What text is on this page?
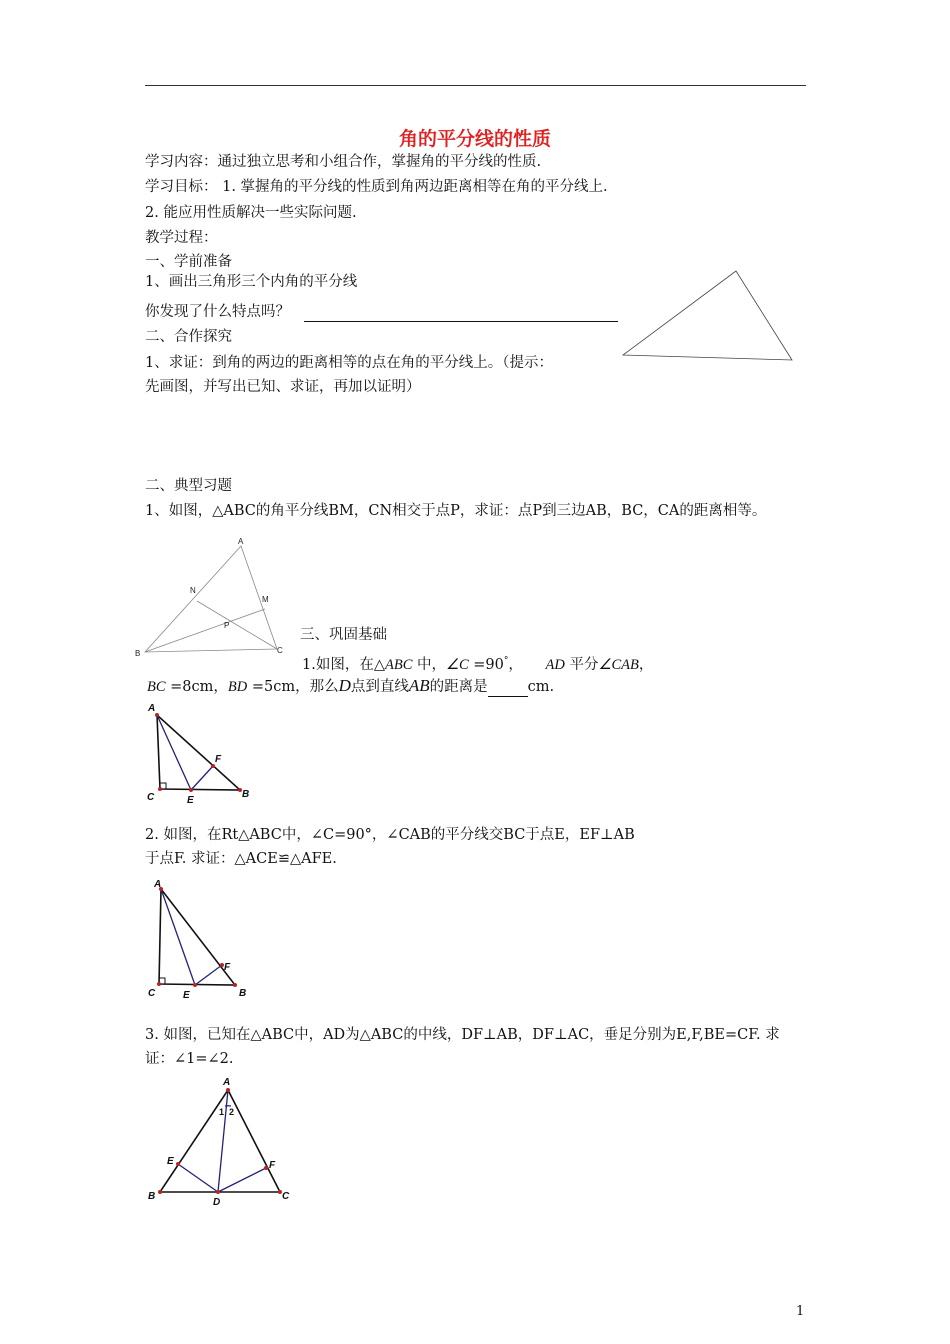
角的平分线的性质
学习内容：通过独立思考和小组合作，掌握角的平分线的性质.
学习目标： 1. 掌握角的平分线的性质到角两边距离相等在角的平分线上.
2. 能应用性质解决一些实际问题.
教学过程：
一、学前准备
1、画出三角形三个内角的平分线
你发现了什么特点吗？
二、合作探究
1、求证：到角的两边的距离相等的点在角的平分线上。（提示：
先画图，并写出已知、求证，再加以证明）
二、典型习题
1、如图，△ABC的角平分线BM，CN相交于点P，求证：点P到三边AB，BC，CA的距离相等。
A
B	C
N
M
P
三、巩固基础
1.如图，在△ABC 中，∠C =90°， AD 平分∠CAB，
BC =8cm，BD =5cm，那么D点到直线AB的距离是	cm.
A
B
C	E
F
2. 如图，在Rt△ABC中，∠C=90°，∠CAB的平分线交BC于点E，EF⊥AB
于点F. 求证：△ACE≌△AFE.
A
B
C	E
F
3. 如图，已知在△ABC中，AD为△ABC的中线，DF⊥AB，DF⊥AC，垂足分别为E,F,BE=CF. 求
证：∠1=∠2.
A
B	C
D
E	F
1 2
1
